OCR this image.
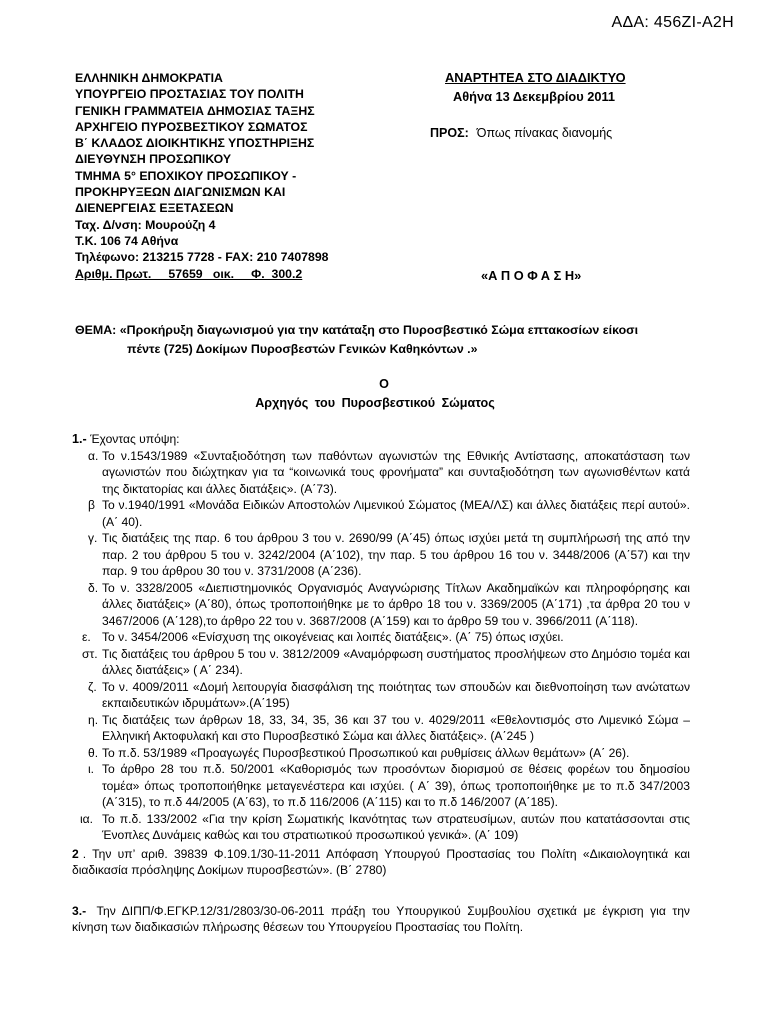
ΑΔΑ: 456ΖΙ-Α2Η
ΕΛΛΗΝΙΚΗ ΔΗΜΟΚΡΑΤΙΑ
ΥΠΟΥΡΓΕΙΟ ΠΡΟΣΤΑΣΙΑΣ ΤΟΥ ΠΟΛΙΤΗ
ΓΕΝΙΚΗ ΓΡΑΜΜΑΤΕΙΑ ΔΗΜΟΣΙΑΣ ΤΑΞΗΣ
ΑΡΧΗΓΕΙΟ ΠΥΡΟΣΒΕΣΤΙΚΟΥ ΣΩΜΑΤΟΣ
Β΄ ΚΛΑΔΟΣ ΔΙΟΙΚΗΤΙΚΗΣ ΥΠΟΣΤΗΡΙΞΗΣ
ΔΙΕΥΘΥΝΣΗ ΠΡΟΣΩΠΙΚΟΥ
ΤΜΗΜΑ 5° ΕΠΟΧΙΚΟΥ ΠΡΟΣΩΠΙΚΟΥ -
ΠΡΟΚΗΡΥΞΕΩΝ ΔΙΑΓΩΝΙΣΜΩΝ ΚΑΙ
ΔΙΕΝΕΡΓΕΙΑΣ ΕΞΕΤΑΣΕΩΝ
Ταχ. Δ/νση: Μουρούζη 4
Τ.Κ. 106 74 Αθήνα
Τηλέφωνο: 213215 7728 - FAX: 210 7407898
Αριθμ. Πρωτ.     57659   οικ.     Φ.  300.2
ΑΝΑΡΤΗΤΕΑ ΣΤΟ ΔΙΑΔΙΚΤΥΟ
Αθήνα 13 Δεκεμβρίου 2011
ΠΡΟΣ: Όπως πίνακας διανομής
«Α Π Ο Φ Α Σ Η»
ΘΕΜΑ: «Προκήρυξη διαγωνισμού για την κατάταξη στο Πυροσβεστικό Σώμα επτακοσίων είκοσι
πέντε (725) Δοκίμων Πυροσβεστών Γενικών Καθηκόντων .»
Ο
Αρχηγός του Πυροσβεστικού Σώματος

1.- Έχοντας υπόψη:

α. Το ν.1543/1989 «Συνταξιοδότηση των παθόντων αγωνιστών της Εθνικής Αντίστασης, αποκατάσταση των αγωνιστών που διώχτηκαν για τα “κοινωνικά τους φρονήματα” και συνταξιοδότηση των αγωνισθέντων κατά της δικτατορίας και άλλες διατάξεις». (Α΄73).
β Το ν.1940/1991 «Μονάδα Ειδικών Αποστολών Λιμενικού Σώματος (ΜΕΑ/ΛΣ) και άλλες διατάξεις περί αυτού». (Α΄ 40).
γ. Τις διατάξεις της παρ. 6 του άρθρου 3 του ν. 2690/99 (Α΄45) όπως ισχύει μετά τη συμπλήρωσή της από την παρ. 2 του άρθρου 5 του ν. 3242/2004 (Α΄102), την παρ. 5 του άρθρου 16 του ν. 3448/2006 (Α΄57) και την παρ. 9 του άρθρου 30 του ν. 3731/2008 (Α΄236).
δ. Το ν. 3328/2005 «Διεπιστημονικός Οργανισμός Αναγνώρισης Τίτλων Ακαδημαϊκών και πληροφόρησης και άλλες διατάξεις» (Α΄80), όπως τροποποιήθηκε με το άρθρο 18 του ν. 3369/2005 (Α΄171) ,τα άρθρα 20 του ν 3467/2006 (Α΄128),το άρθρο 22 του ν. 3687/2008 (Α΄159) και το άρθρο 59 του ν. 3966/2011 (Α΄118).
ε. Το ν. 3454/2006 «Ενίσχυση της οικογένειας και λοιπές διατάξεις». (Α΄ 75) όπως ισχύει.
στ. Τις διατάξεις του άρθρου 5 του ν. 3812/2009 «Αναμόρφωση συστήματος προσλήψεων στο Δημόσιο τομέα και άλλες διατάξεις» ( Α΄ 234).
ζ. Το ν. 4009/2011 «Δομή λειτουργία διασφάλιση της ποιότητας των σπουδών και διεθνοποίηση των ανώτατων εκπαιδευτικών ιδρυμάτων».(Α΄195)
η. Τις διατάξεις των άρθρων 18, 33, 34, 35, 36 και 37 του ν. 4029/2011 «Εθελοντισμός στο Λιμενικό Σώμα – Ελληνική Ακτοφυλακή και στο Πυροσβεστικό Σώμα και άλλες διατάξεις». (Α΄245 )
θ. Το π.δ. 53/1989 «Προαγωγές Πυροσβεστικού Προσωπικού και ρυθμίσεις άλλων θεμάτων» (Α΄ 26).
ι. Το άρθρο 28 του π.δ. 50/2001 «Καθορισμός των προσόντων διορισμού σε θέσεις φορέων του δημοσίου τομέα» όπως τροποποιήθηκε μεταγενέστερα και ισχύει. ( Α΄ 39), όπως τροποποιήθηκε με το π.δ 347/2003 (Α΄315), το π.δ 44/2005 (Α΄63), το π.δ 116/2006 (Α΄115) και το π.δ 146/2007 (Α΄185).
ια. Το π.δ. 133/2002 «Για την κρίση Σωματικής Ικανότητας των στρατευσίμων, αυτών που κατατάσσονται στις Ένοπλες Δυνάμεις καθώς και του στρατιωτικού προσωπικού γενικά». (Α΄ 109)

2 . Την υπ’ αριθ. 39839 Φ.109.1/30-11-2011 Απόφαση Υπουργού Προστασίας του Πολίτη «Δικαιολογητικά και διαδικασία πρόσληψης Δοκίμων πυροσβεστών». (Β΄ 2780)

3.- Την ΔΙΠΠ/Φ.ΕΓΚΡ.12/31/2803/30-06-2011 πράξη του Υπουργικού Συμβουλίου σχετικά με έγκριση για την κίνηση των διαδικασιών πλήρωσης θέσεων του Υπουργείου Προστασίας του Πολίτη.
